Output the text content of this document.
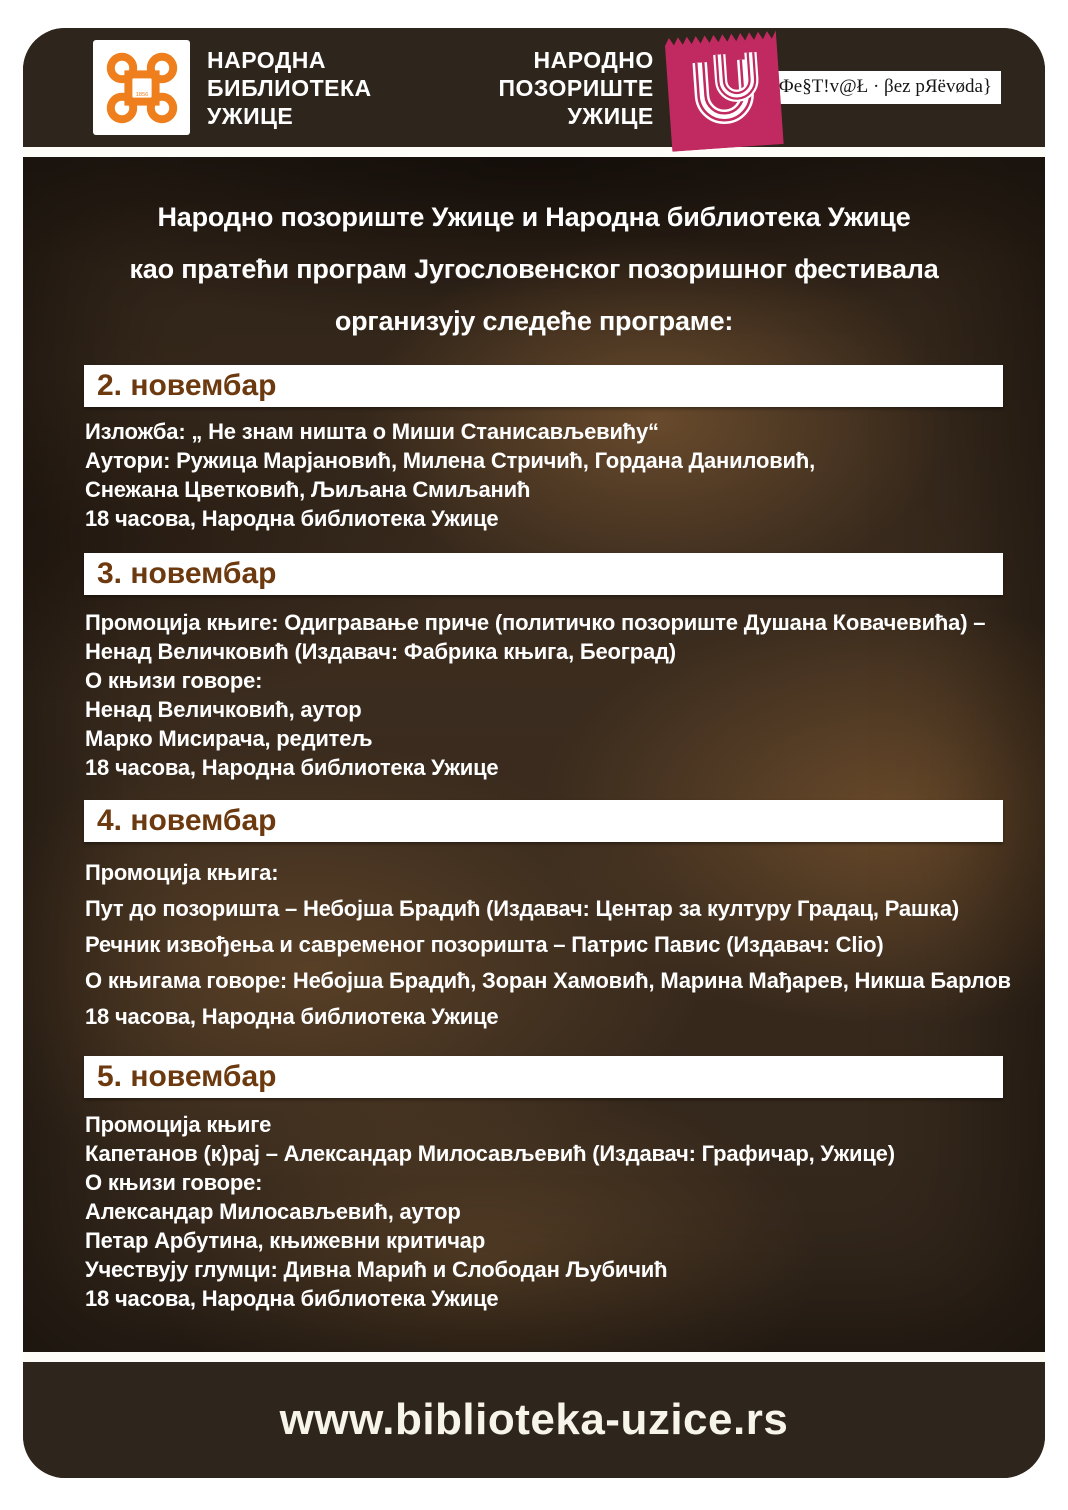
1856
НАРОДНА
БИБЛИОТЕКА
УЖИЦЕ
НАРОДНО
ПОЗОРИШТЕ
УЖИЦЕ
Фе§T!v@Ł · βez pЯëvøda}
Народно позориште Ужице и Народна библиотека Ужице
као пратећи програм Југословенског позоришног фестивала
организују следеће програме:
2. новембар
Изложба: „ Не знам ништа о Миши Станисављевићу“
Аутори: Ружица Марјановић, Милена Стричић, Гордана Даниловић,
Снежана Цветковић, Љиљана Смиљанић
18 часова, Народна библиотека Ужице
3. новембар
Промоција књиге: Одигравање приче (политичко позориште Душана Ковачевића) –
Ненад Величковић (Издавач: Фабрика књига, Београд)
О књизи говоре:
Ненад Величковић, аутор
Марко Мисирача, редитељ
18 часова, Народна библиотека Ужице
4. новембар
Промоција књига:
Пут до позоришта – Небојша Брадић (Издавач: Центар за културу Градац, Рашка)
Речник извођења и савременог позоришта – Патрис Павис (Издавач: Clio)
О књигама говоре: Небојша Брадић, Зоран Хамовић, Марина Мађарев, Никша Барлов
18 часова, Народна библиотека Ужице
5. новембар
Промоција књиге
Капетанов (к)рај – Александар Милосављевић (Издавач: Графичар, Ужице)
О књизи говоре:
Александар Милосављевић, аутор
Петар Арбутина, књижевни критичар
Учествују глумци: Дивна Марић и Слободан Љубичић
18 часова, Народна библиотека Ужице
www.biblioteka-uzice.rs
